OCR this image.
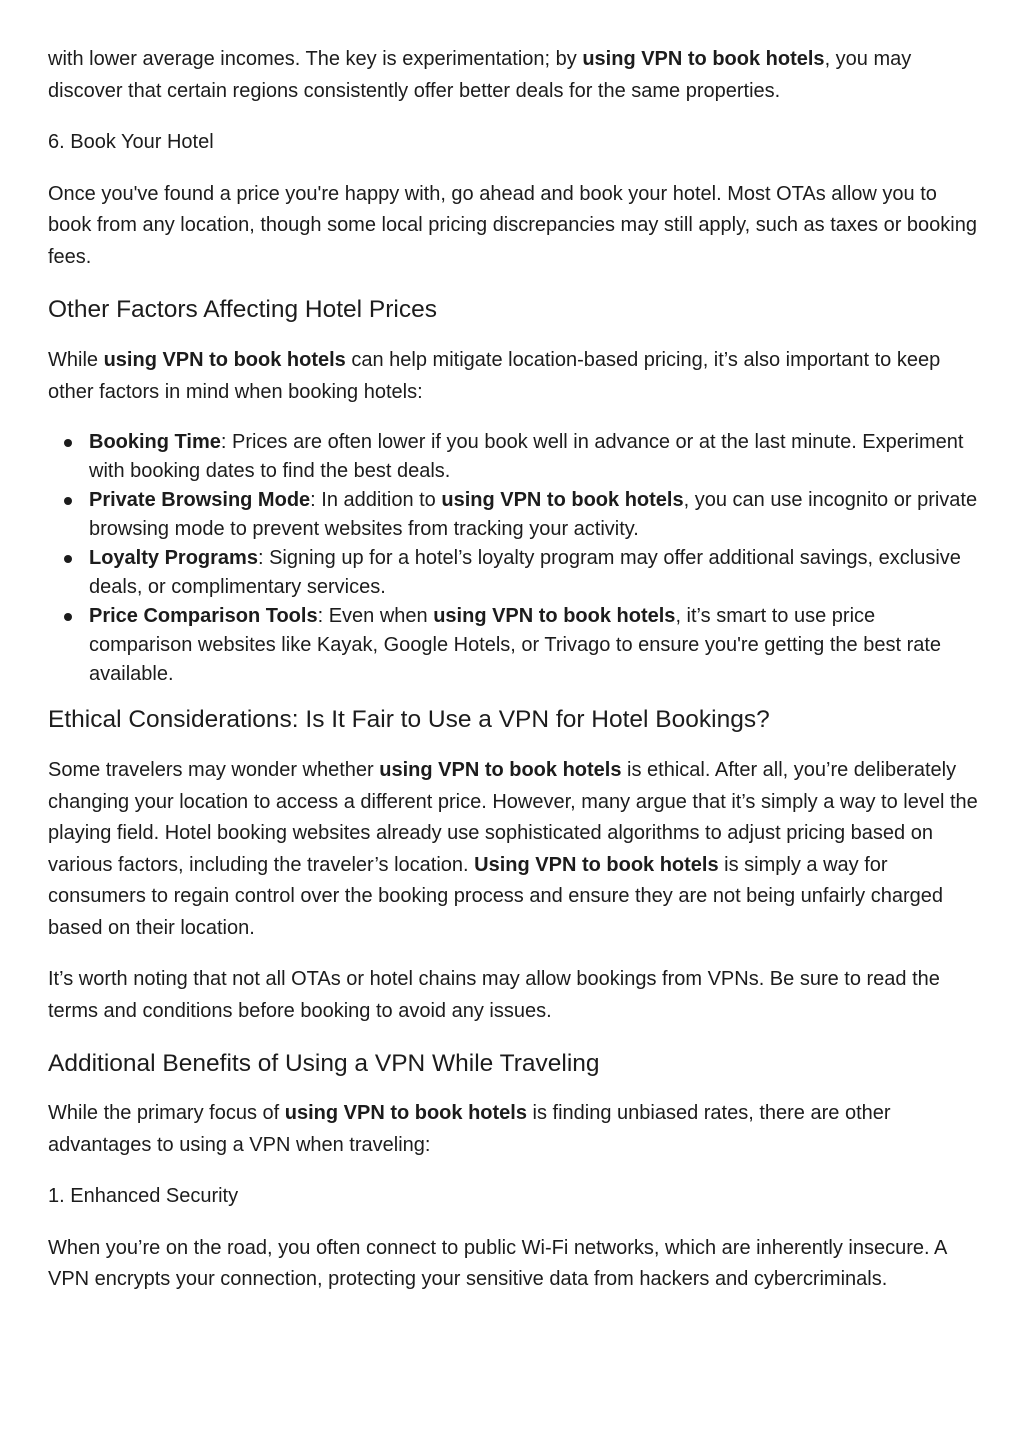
with lower average incomes. The key is experimentation; by using VPN to book hotels, you may discover that certain regions consistently offer better deals for the same properties.

6. Book Your Hotel

Once you've found a price you're happy with, go ahead and book your hotel. Most OTAs allow you to book from any location, though some local pricing discrepancies may still apply, such as taxes or booking fees.

Other Factors Affecting Hotel Prices

While using VPN to book hotels can help mitigate location-based pricing, it’s also important to keep other factors in mind when booking hotels:

Booking Time: Prices are often lower if you book well in advance or at the last minute. Experiment with booking dates to find the best deals.
Private Browsing Mode: In addition to using VPN to book hotels, you can use incognito or private browsing mode to prevent websites from tracking your activity.
Loyalty Programs: Signing up for a hotel’s loyalty program may offer additional savings, exclusive deals, or complimentary services.
Price Comparison Tools: Even when using VPN to book hotels, it’s smart to use price comparison websites like Kayak, Google Hotels, or Trivago to ensure you're getting the best rate available.
Ethical Considerations: Is It Fair to Use a VPN for Hotel Bookings?

Some travelers may wonder whether using VPN to book hotels is ethical. After all, you’re deliberately changing your location to access a different price. However, many argue that it’s simply a way to level the playing field. Hotel booking websites already use sophisticated algorithms to adjust pricing based on various factors, including the traveler’s location. Using VPN to book hotels is simply a way for consumers to regain control over the booking process and ensure they are not being unfairly charged based on their location.

It’s worth noting that not all OTAs or hotel chains may allow bookings from VPNs. Be sure to read the terms and conditions before booking to avoid any issues.

Additional Benefits of Using a VPN While Traveling

While the primary focus of using VPN to book hotels is finding unbiased rates, there are other advantages to using a VPN when traveling:

1. Enhanced Security

When you’re on the road, you often connect to public Wi-Fi networks, which are inherently insecure. A VPN encrypts your connection, protecting your sensitive data from hackers and cybercriminals.
